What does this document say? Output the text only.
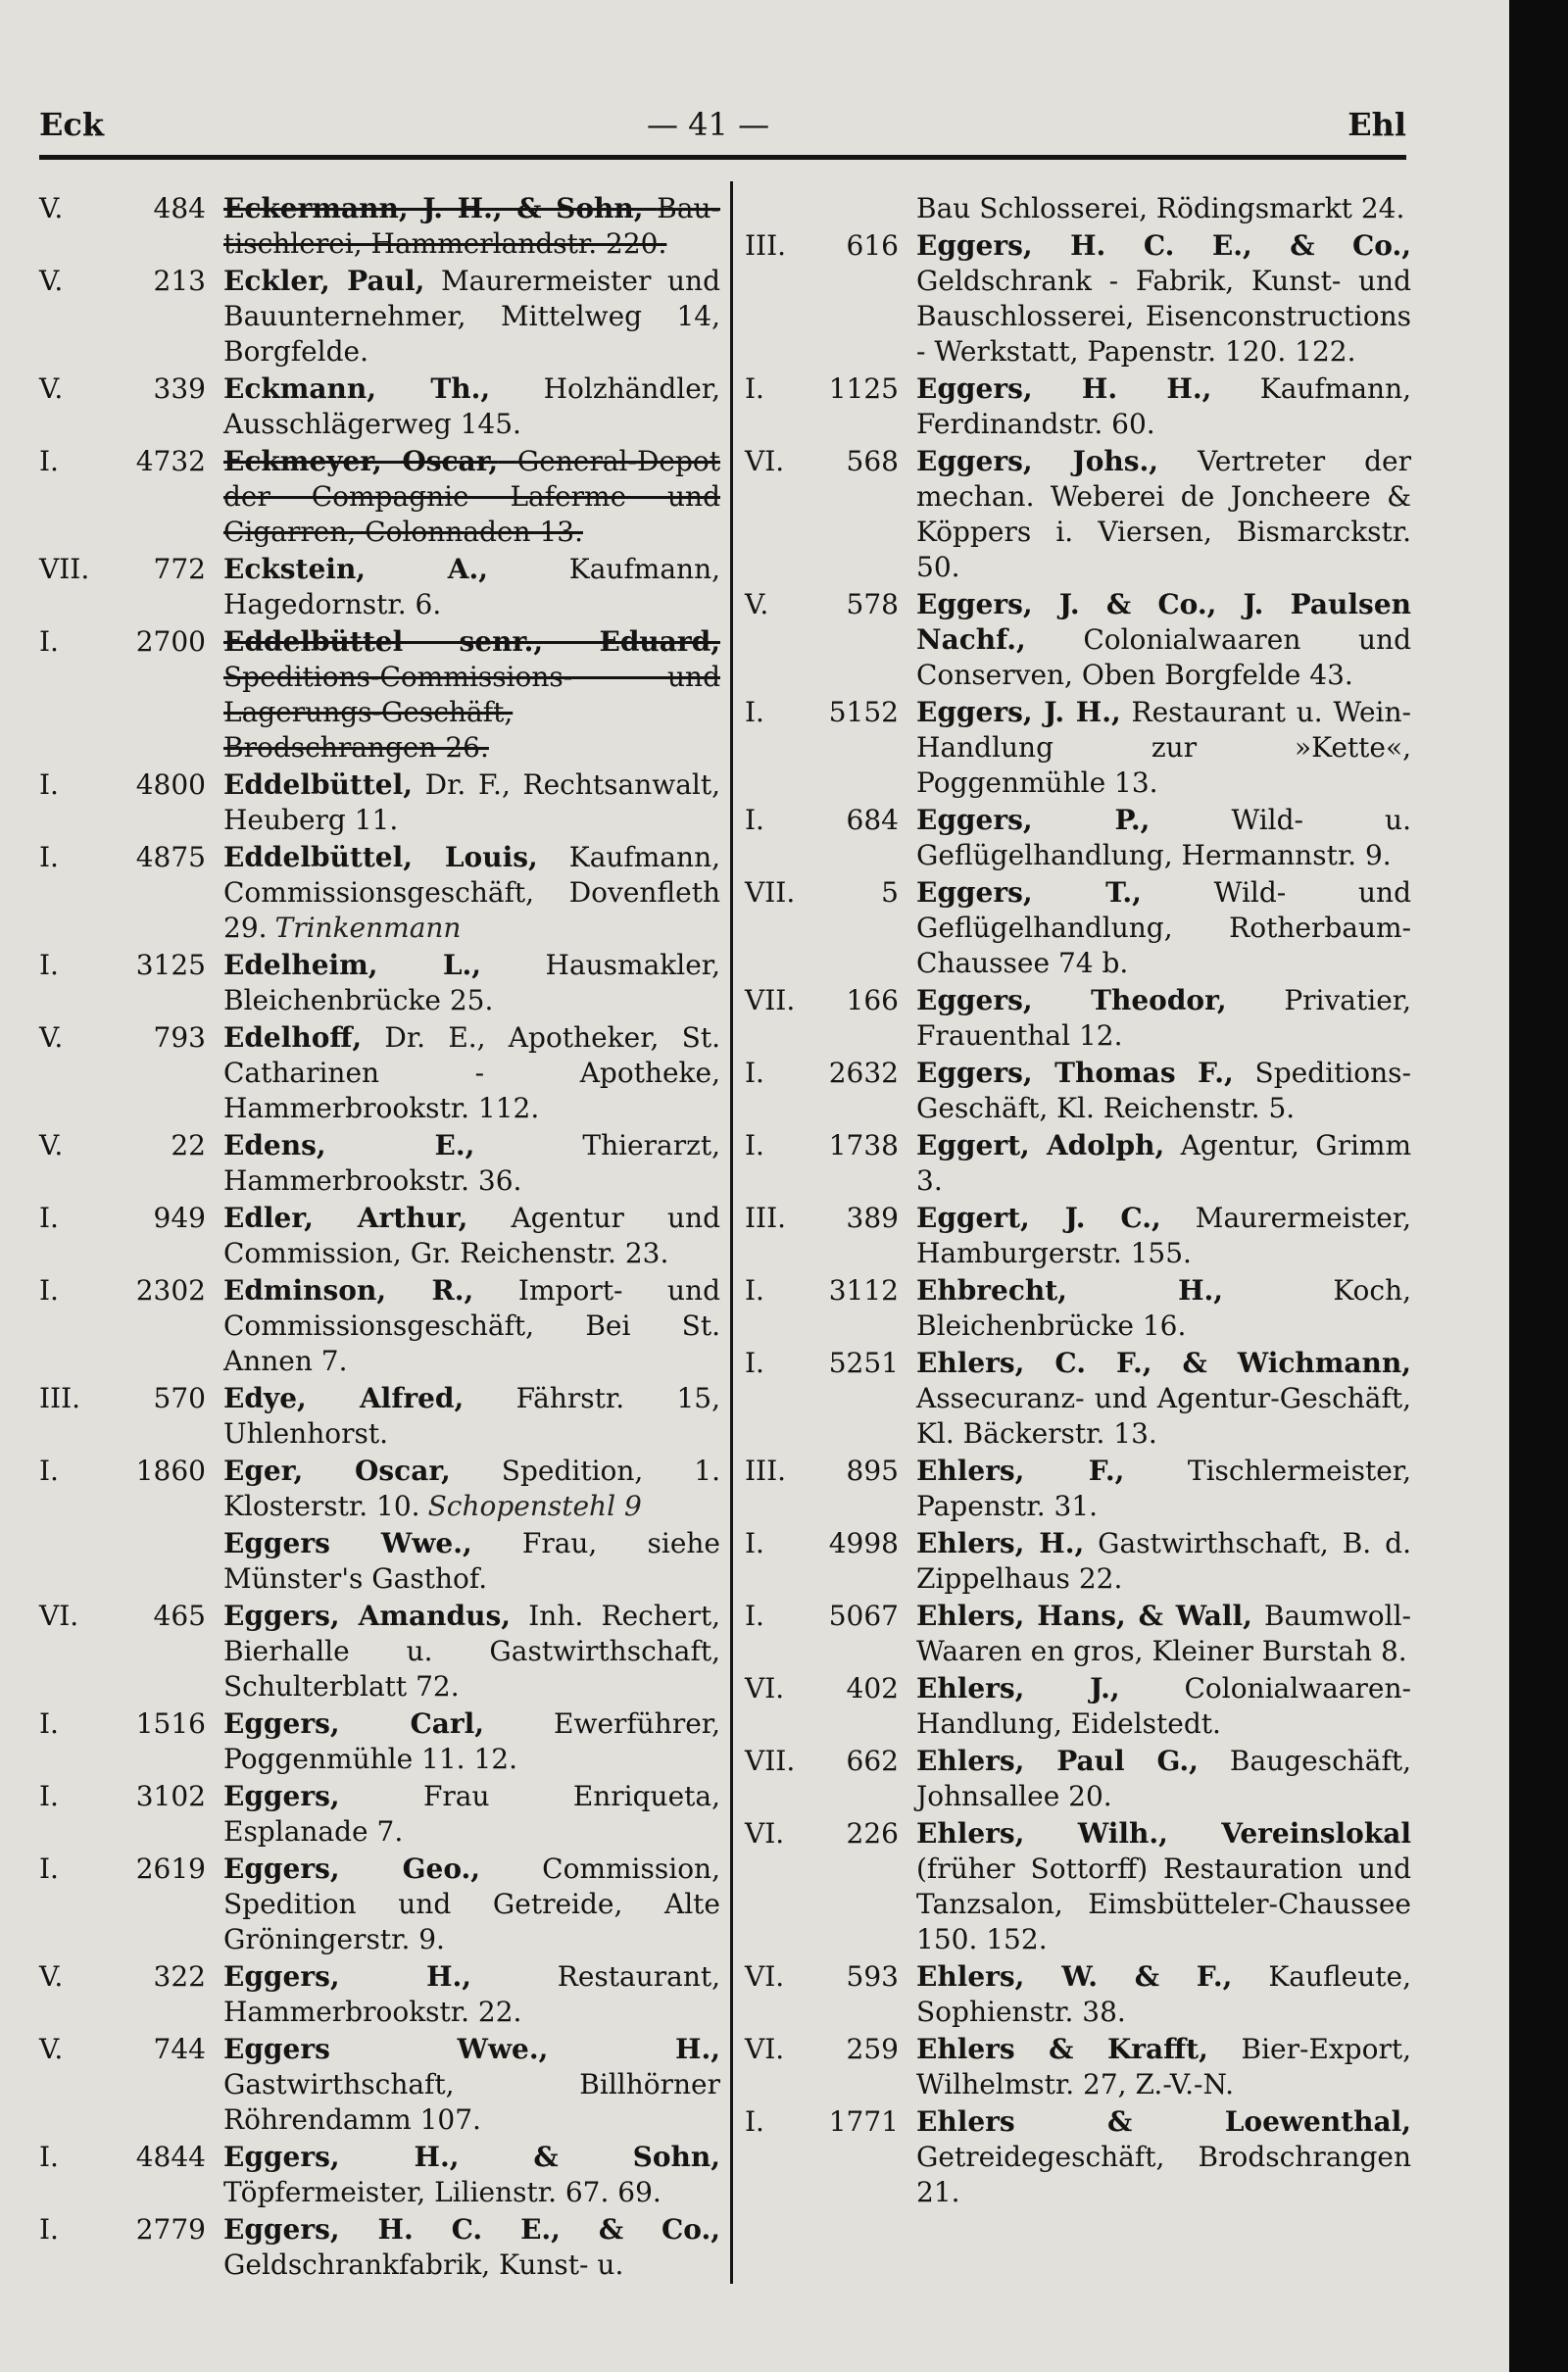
Eck	— 41 —	Ehl
V.	484 Eckermann, J. H., & Sohn, Bau-tischlerei, Hammerlandstr. 220.
V.	213 Eckler, Paul, Maurermeister und Bauunternehmer, Mittelweg 14, Borgfelde.
V.	339 Eckmann, Th., Holzhändler, Ausschlägerweg 145.
I.	4732 Eckmeyer, Oscar, General-Depot der Compagnie Laferme und Cigarren, Colonnaden 13.
VII.	772 Eckstein, A.,	Kaufmann, Hagedornstr. 6.
I.	2700 Eddelbüttel senr., Eduard, Speditions-Commissions- und Lagerungs-Geschäft, Brodschrangen 26.
I.	4800 Eddelbüttel, Dr. F., Rechtsanwalt, Heuberg 11.
I.	4875 Eddelbüttel, Louis, Kaufmann, Commissionsgeschäft, Dovenfleth 29. Trinkenmann
I.	3125 Edelheim, L., Hausmakler, Bleichenbrücke 25.
V.	793 Edelhoff, Dr. E., Apotheker, St. Catharinen - Apotheke, Hammerbrookstr. 112.
V.	22 Edens, E.,	Thierarzt, Hammerbrookstr. 36.
I.	949 Edler, Arthur, Agentur und Commission, Gr. Reichenstr. 23.
I.	2302 Edminson, R., Import- und Commissionsgeschäft, Bei St. Annen 7.
III.	570 Edye, Alfred, Fährstr. 15, Uhlenhorst.
I.	1860 Eger, Oscar, Spedition, 1. Klosterstr. 10. Schopenstehl 9
Eggers Wwe., Frau, siehe Münster's Gasthof.
VI.	465 Eggers, Amandus, Inh. Rechert, Bierhalle u. Gastwirthschaft, Schulterblatt 72.
I.	1516 Eggers, Carl,	Ewerführer, Poggenmühle 11. 12.
I.	3102 Eggers,	Frau Enriqueta, Esplanade 7.
I.	2619 Eggers, Geo., Commission, Spedition und Getreide, Alte Gröningerstr. 9.
V.	322 Eggers, H.,	Restaurant, Hammerbrookstr. 22.
V.	744 Eggers Wwe., H., Gastwirthschaft, Billhörner Röhrendamm 107.
I.	4844 Eggers, H., & Sohn, Töpfermeister, Lilienstr. 67. 69.
I.	2779 Eggers, H. C. E., & Co., Geldschrankfabrik, Kunst- u.
Bau Schlosserei, Rödingsmarkt 24.
III.	616 Eggers, H. C. E., & Co., Geldschrank - Fabrik, Kunst- und Bauschlosserei, Eisenconstructions - Werkstatt, Papenstr. 120. 122.
I.	1125 Eggers, H. H., Kaufmann, Ferdinandstr. 60.
VI.	568 Eggers, Johs., Vertreter der mechan. Weberei de Joncheere & Köppers i. Viersen, Bismarckstr. 50.
V.	578 Eggers, J. & Co., J. Paulsen Nachf., Colonialwaaren und Conserven, Oben Borgfelde 43.
I.	5152 Eggers, J. H., Restaurant u. Wein-Handlung zur »Kette«, Poggenmühle 13.
I.	684 Eggers, P.,	Wild- u. Geflügelhandlung, Hermannstr. 9.
VII.	5 Eggers, T.,	Wild- und Geflügelhandlung, Rotherbaum-Chaussee 74 b.
VII.	166 Eggers, Theodor, Privatier, Frauenthal 12.
I.	2632 Eggers, Thomas F., Speditions-Geschäft, Kl. Reichenstr. 5.
I.	1738 Eggert, Adolph, Agentur, Grimm 3.
III.	389 Eggert, J. C., Maurermeister, Hamburgerstr. 155.
I.	3112 Ehbrecht, H.,	Koch, Bleichenbrücke 16.
I.	5251 Ehlers, C. F., & Wichmann, Assecuranz- und Agentur-Geschäft, Kl. Bäckerstr. 13.
III.	895 Ehlers, F., Tischlermeister, Papenstr. 31.
I.	4998 Ehlers, H., Gastwirthschaft, B. d. Zippelhaus 22.
I.	5067 Ehlers, Hans, & Wall, Baumwoll-Waaren en gros, Kleiner Burstah 8.
VI.	402 Ehlers, J., Colonialwaaren-Handlung, Eidelstedt.
VII.	662 Ehlers, Paul G., Baugeschäft, Johnsallee 20.
VI.	226 Ehlers, Wilh., Vereinslokal (früher Sottorff) Restauration und Tanzsalon, Eimsbütteler-Chaussee 150. 152.
VI.	593 Ehlers, W. & F., Kaufleute, Sophienstr. 38.
VI.	259 Ehlers & Krafft, Bier-Export, Wilhelmstr. 27, Z.-V.-N.
I.	1771 Ehlers & Loewenthal, Getreidegeschäft, Brodschrangen 21.
12
